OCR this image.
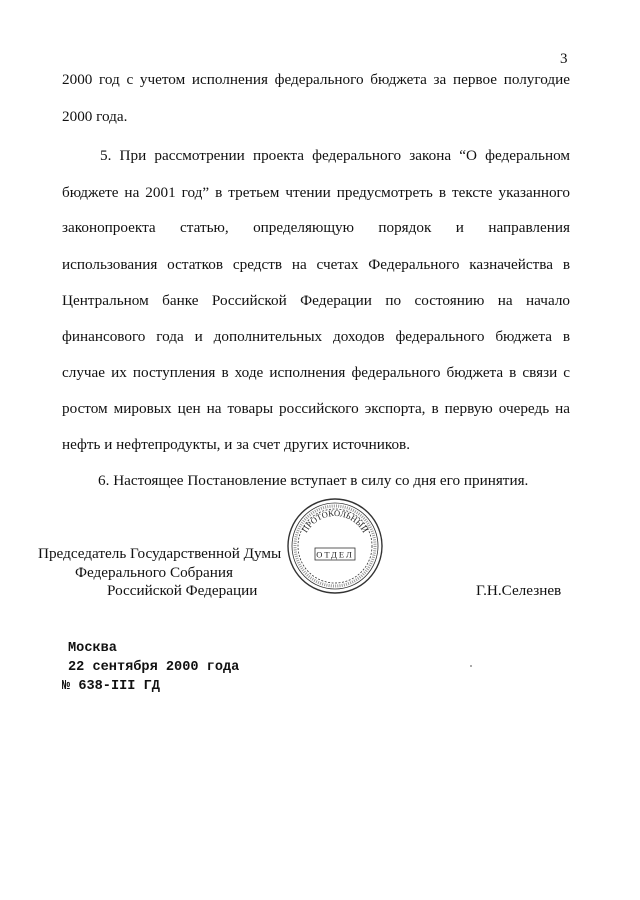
3
2000 год с учетом исполнения федерального бюджета за первое полугодие
2000 года.
5. При рассмотрении проекта федерального закона “О федеральном
бюджете на 2001 год” в третьем чтении предусмотреть в тексте указанного
законопроекта статью, определяющую порядок и направления
использования остатков средств на счетах Федерального казначейства в
Центральном банке Российской Федерации по состоянию на начало
финансового года и дополнительных доходов федерального бюджета в
случае их поступления в ходе исполнения федерального бюджета в связи с
ростом мировых цен на товары российского экспорта, в первую очередь на
нефть и нефтепродукты, и за счет других источников.
6. Настоящее Постановление вступает в силу со дня его принятия.
Председатель Государственной Думы
Федерального Собрания
Российской Федерации	Г.Н.Селезнев
ПРОТОКОЛЬНЫЙ
ОТДЕЛ
Москва
22 сентября 2000 года
№ 638-III ГД
